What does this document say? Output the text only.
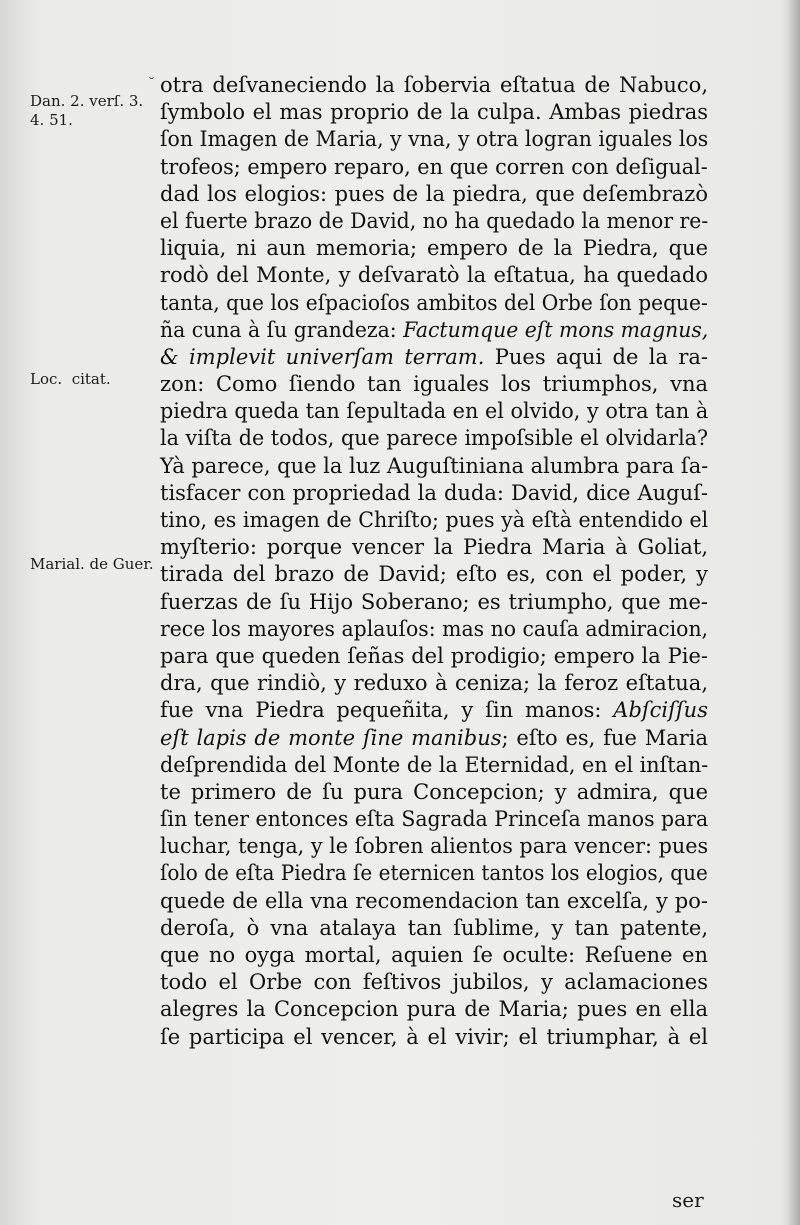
Dan. 2. verſ. 3.
4. 51.
Loc.  citat.
Marial. de Guer.
˘ otra deſvaneciendo la ſobervia eſtatua de Nabuco,
ſymbolo el mas proprio de la culpa. Ambas piedras
ſon Imagen de Maria, y vna, y otra logran iguales los
trofeos; empero reparo, en que corren con deſigual-
dad los elogios: pues de la piedra, que deſembrazò
el fuerte brazo de David, no ha quedado la menor re-
liquia, ni aun memoria; empero de la Piedra, que
rodò del Monte, y deſvaratò la eſtatua, ha quedado
tanta, que los eſpacioſos ambitos del Orbe ſon peque-
ña cuna à ſu grandeza: Factumque eſt mons magnus,
& implevit univerſam terram. Pues aqui de la ra-
zon: Como ſiendo tan iguales los triumphos, vna
piedra queda tan ſepultada en el olvido, y otra tan à
la viſta de todos, que parece impoſsible el olvidarla?
Yà parece, que la luz Auguſtiniana alumbra para ſa-
tisfacer con propriedad la duda: David, dice Auguſ-
tino, es imagen de Chriſto; pues yà eſtà entendido el
myſterio: porque vencer la Piedra Maria à Goliat,
tirada del brazo de David; eſto es, con el poder, y
fuerzas de ſu Hijo Soberano; es triumpho, que me-
rece los mayores aplauſos: mas no cauſa admiracion,
para que queden ſeñas del prodigio; empero la Pie-
dra, que rindiò, y reduxo à ceniza; la feroz eſtatua,
fue vna Piedra pequeñita, y ſin manos: Abſciſſus
eſt lapis de monte ſine manibus; eſto es, fue Maria
deſprendida del Monte de la Eternidad, en el inſtan-
te primero de ſu pura Concepcion; y admira, que
ſin tener entonces eſta Sagrada Princeſa manos para
luchar, tenga, y le ſobren alientos para vencer: pues
ſolo de eſta Piedra ſe eternicen tantos los elogios, que
quede de ella vna recomendacion tan excelſa, y po-
deroſa, ò vna atalaya tan ſublime, y tan patente,
que no oyga mortal, aquien ſe oculte: Reſuene en
todo el Orbe con feſtivos jubilos, y aclamaciones
alegres la Concepcion pura de Maria; pues en ella
ſe participa el vencer, à el vivir; el triumphar, à el
ser
